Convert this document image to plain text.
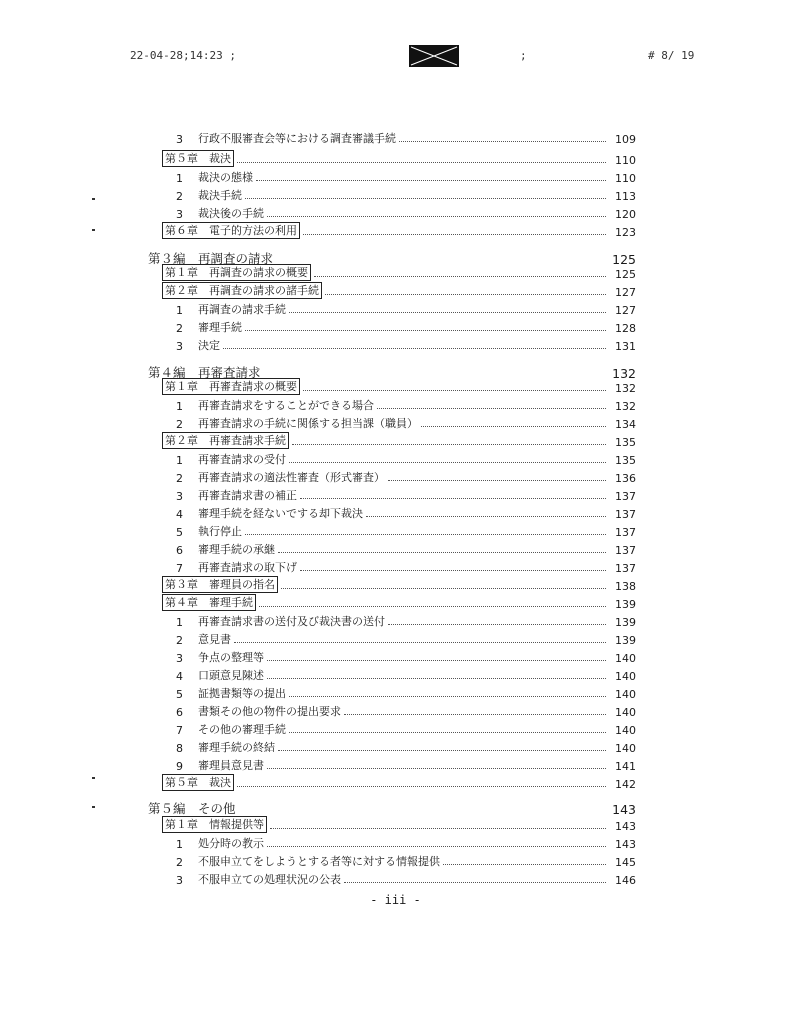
22-04-28;14:23 ;	;	# 8/ 19
3	行政不服審査会等における調査審議手続	109
第５章　裁決	110
1	裁決の態様	110
2	裁決手続	113
3	裁決後の手続	120
第６章　電子的方法の利用	123
第３編　再調査の請求	125
第１章　再調査の請求の概要	125
第２章　再調査の請求の諸手続	127
1	再調査の請求手続	127
2	審理手続	128
3	決定	131
第４編　再審査請求	132
第１章　再審査請求の概要	132
1	再審査請求をすることができる場合	132
2	再審査請求の手続に関係する担当課（職員）	134
第２章　再審査請求手続	135
1	再審査請求の受付	135
2	再審査請求の適法性審査（形式審査）	136
3	再審査請求書の補正	137
4	審理手続を経ないでする却下裁決	137
5	執行停止	137
6	審理手続の承継	137
7	再審査請求の取下げ	137
第３章　審理員の指名	138
第４章　審理手続	139
1	再審査請求書の送付及び裁決書の送付	139
2	意見書	139
3	争点の整理等	140
4	口頭意見陳述	140
5	証拠書類等の提出	140
6	書類その他の物件の提出要求	140
7	その他の審理手続	140
8	審理手続の終結	140
9	審理員意見書	141
第５章　裁決	142
第５編　その他	143
第１章　情報提供等	143
1	処分時の教示	143
2	不服申立てをしようとする者等に対する情報提供	145
3	不服申立ての処理状況の公表	146
- iii -
